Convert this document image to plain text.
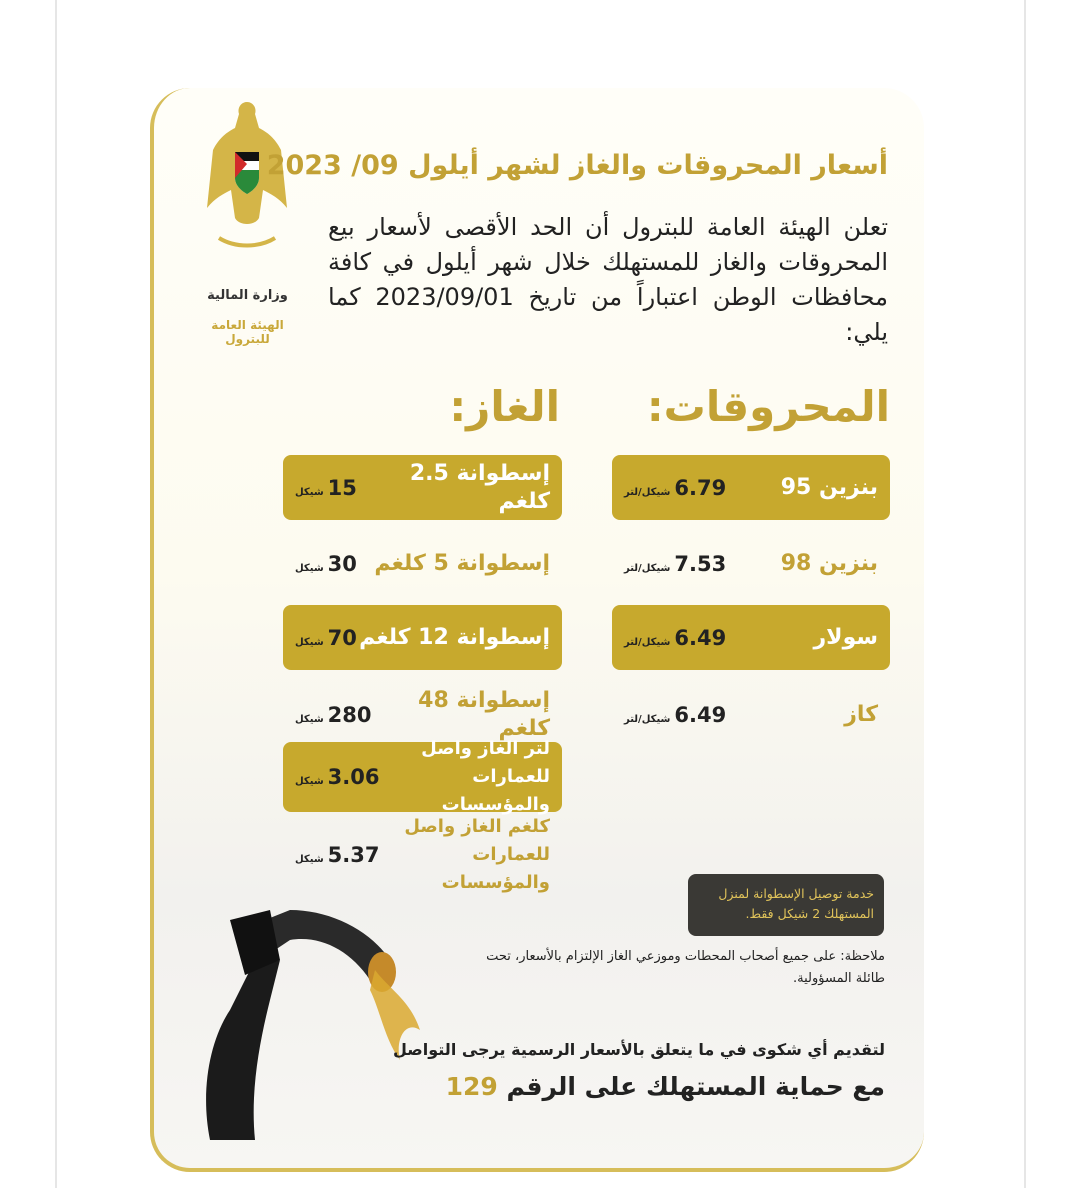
وزارة المالية
الهيئة العامة للبترول
أسعار المحروقات والغاز لشهر أيلول 09/ 2023
تعلن الهيئة العامة للبترول أن الحد الأقصى لأسعار بيع المحروقات والغاز للمستهلك خلال شهر أيلول في كافة محافظات الوطن اعتباراً من تاريخ 2023/09/01 كما يلي:
المحروقات:
الغاز:
بنزين 95
6.79
شيكل/لتر
بنزين 98
7.53
شيكل/لتر
سولار
6.49
شيكل/لتر
كاز
6.49
شيكل/لتر
إسطوانة 2.5 كلغم
15
شيكل
إسطوانة 5 كلغم
30
شيكل
إسطوانة 12 كلغم
70
شيكل
إسطوانة 48 كلغم
280
شيكل
لتر الغاز واصل للعمارات والمؤسسات
3.06
شيكل
كلغم الغاز واصل للعمارات والمؤسسات
5.37
شيكل
خدمة توصيل الإسطوانة لمنزل المستهلك 2 شيكل فقط.
ملاحظة: على جميع أصحاب المحطات وموزعي الغاز الإلتزام بالأسعار، تحت طائلة المسؤولية.
لتقديم أي شكوى في ما يتعلق بالأسعار الرسمية يرجى التواصل
مع حماية المستهلك على الرقم 129
